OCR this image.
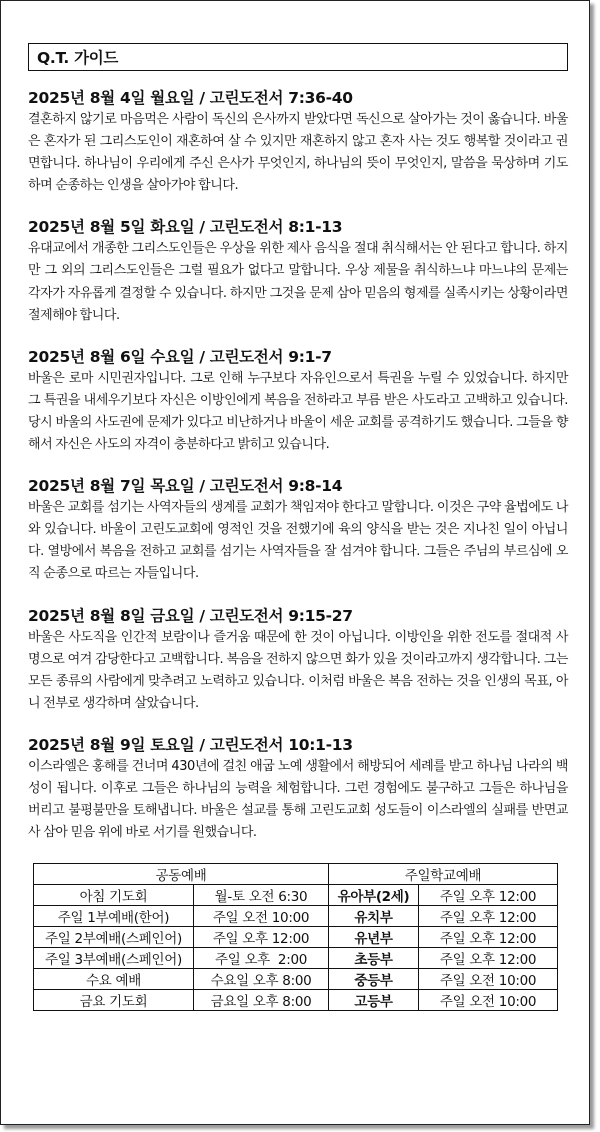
Q.T. 가이드
2025년 8월 4일 월요일 / 고린도전서 7:36-40
결혼하지 않기로 마음먹은 사람이 독신의 은사까지 받았다면 독신으로 살아가는 것이 옳습니다. 바울은 혼자가 된 그리스도인이 재혼하여 살 수 있지만 재혼하지 않고 혼자 사는 것도 행복할 것이라고 권면합니다. 하나님이 우리에게 주신 은사가 무엇인지, 하나님의 뜻이 무엇인지, 말씀을 묵상하며 기도하며 순종하는 인생을 살아가야 합니다.
2025년 8월 5일 화요일 / 고린도전서 8:1-13
유대교에서 개종한 그리스도인들은 우상을 위한 제사 음식을 절대 취식해서는 안 된다고 합니다. 하지만 그 외의 그리스도인들은 그럴 필요가 없다고 말합니다. 우상 제물을 취식하느냐 마느냐의 문제는 각자가 자유롭게 결정할 수 있습니다. 하지만 그것을 문제 삼아 믿음의 형제를 실족시키는 상황이라면 절제해야 합니다.
2025년 8월 6일 수요일 / 고린도전서 9:1-7
바울은 로마 시민권자입니다. 그로 인해 누구보다 자유인으로서 특권을 누릴 수 있었습니다. 하지만 그 특권을 내세우기보다 자신은 이방인에게 복음을 전하라고 부름 받은 사도라고 고백하고 있습니다. 당시 바울의 사도권에 문제가 있다고 비난하거나 바울이 세운 교회를 공격하기도 했습니다. 그들을 향해서 자신은 사도의 자격이 충분하다고 밝히고 있습니다.
2025년 8월 7일 목요일 / 고린도전서 9:8-14
바울은 교회를 섬기는 사역자들의 생계를 교회가 책임져야 한다고 말합니다. 이것은 구약 율법에도 나와 있습니다. 바울이 고린도교회에 영적인 것을 전했기에 육의 양식을 받는 것은 지나친 일이 아닙니다. 열방에서 복음을 전하고 교회를 섬기는 사역자들을 잘 섬겨야 합니다. 그들은 주님의 부르심에 오직 순종으로 따르는 자들입니다.
2025년 8월 8일 금요일 / 고린도전서 9:15-27
바울은 사도직을 인간적 보람이나 즐거움 때문에 한 것이 아닙니다. 이방인을 위한 전도를 절대적 사명으로 여겨 감당한다고 고백합니다. 복음을 전하지 않으면 화가 있을 것이라고까지 생각합니다. 그는 모든 종류의 사람에게 맞추려고 노력하고 있습니다. 이처럼 바울은 복음 전하는 것을 인생의 목표, 아니 전부로 생각하며 살았습니다.
2025년 8월 9일 토요일 / 고린도전서 10:1-13
이스라엘은 홍해를 건너며 430년에 걸친 애굽 노예 생활에서 해방되어 세례를 받고 하나님 나라의 백성이 됩니다. 이후로 그들은 하나님의 능력을 체험합니다. 그런 경험에도 불구하고 그들은 하나님을 버리고 불평불만을 토해냅니다. 바울은 설교를 통해 고린도교회 성도들이 이스라엘의 실패를 반면교사 삼아 믿음 위에 바로 서기를 원했습니다.
공동예배		주일학교예배	
아침 기도회	월-토 오전 6:30	유아부(2세)	주일 오후 12:00
주일 1부예배(한어)	주일 오전 10:00	유치부	주일 오후 12:00
주일 2부예배(스페인어)	주일 오후 12:00	유년부	주일 오후 12:00
주일 3부예배(스페인어)	주일 오후  2:00	초등부	주일 오후 12:00
수요 예배	수요일 오후 8:00	중등부	주일 오전 10:00
금요 기도회	금요일 오후 8:00	고등부	주일 오전 10:00
